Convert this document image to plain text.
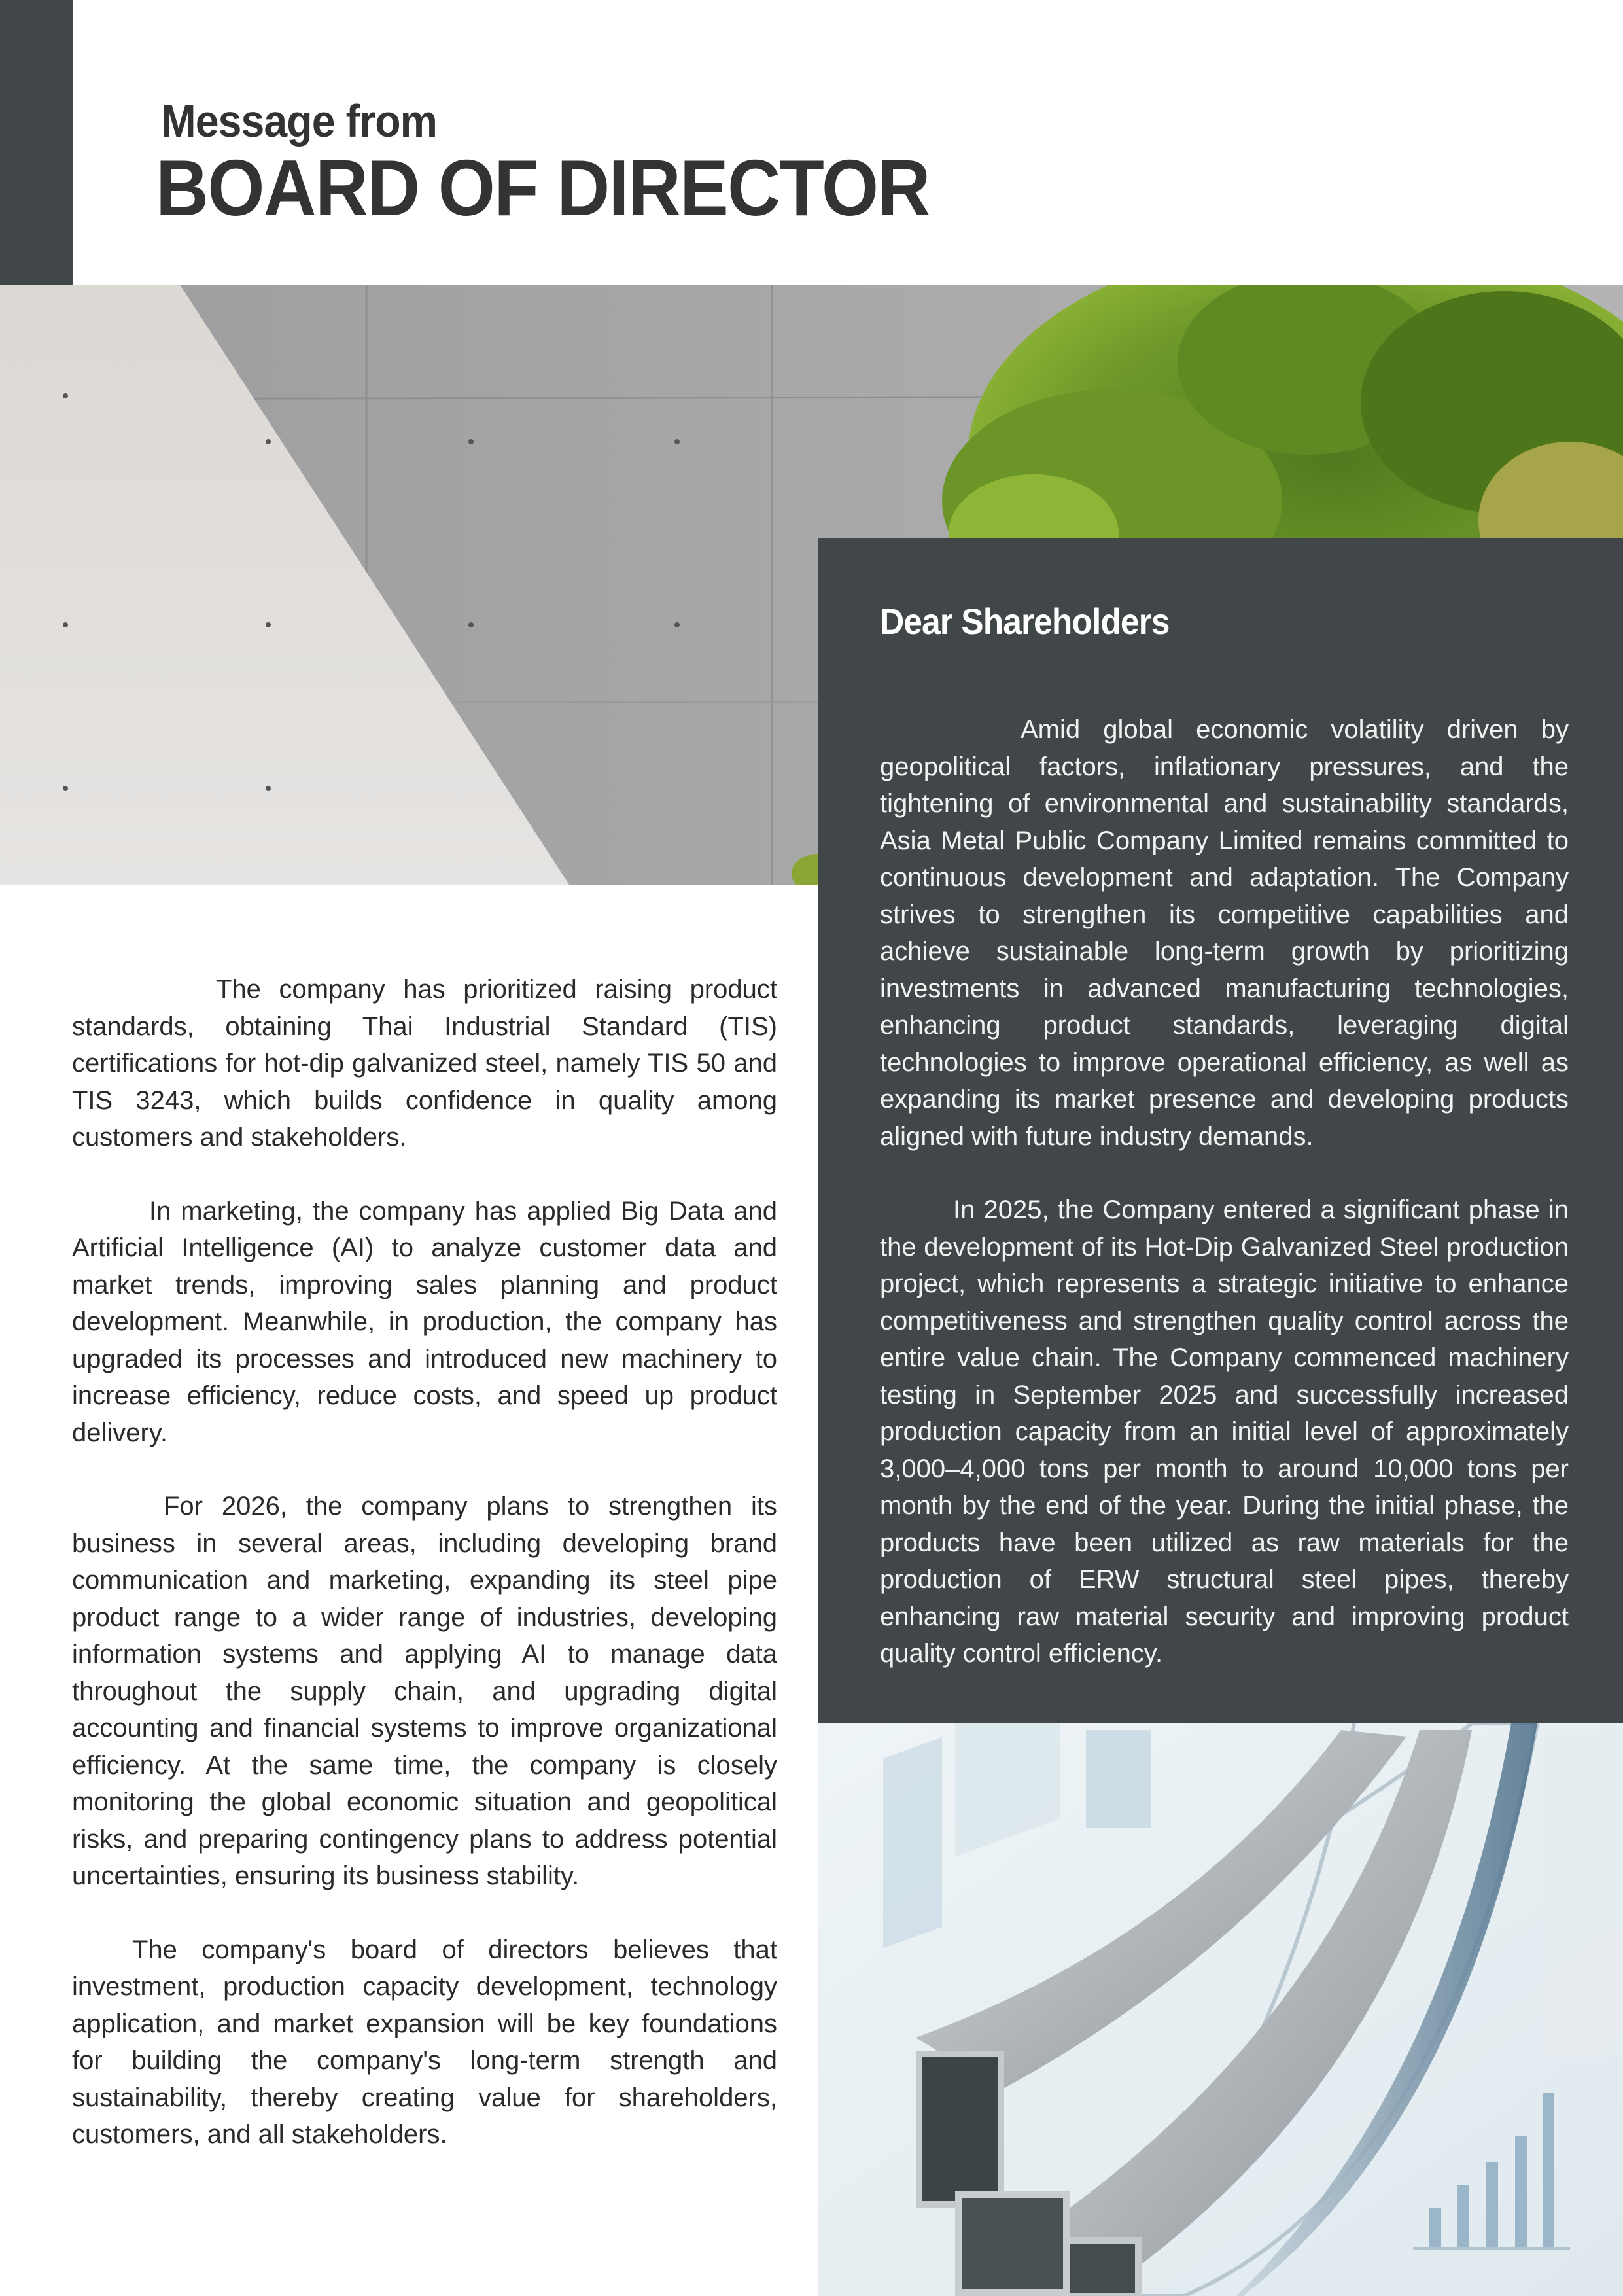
Message from
BOARD OF DIRECTOR
Dear Shareholders

Amid global economic volatility driven by geopolitical factors, inflationary pressures, and the tightening of environmental and sustainability standards, Asia Metal Public Company Limited remains committed to continuous development and adaptation. The Company strives to strengthen its competitive capabilities and achieve sustainable long-term growth by prioritizing investments in advanced manufacturing technologies, enhancing product standards, leveraging digital technologies to improve operational efficiency, as well as expanding its market presence and developing products aligned with future industry demands.

In 2025, the Company entered a significant phase in the development of its Hot-Dip Galvanized Steel production project, which represents a strategic initiative to enhance competitiveness and strengthen quality control across the entire value chain. The Company commenced machinery testing in September 2025 and successfully increased production capacity from an initial level of approximately 3,000–4,000 tons per month to around 10,000 tons per month by the end of the year. During the initial phase, the products have been utilized as raw materials for the production of ERW structural steel pipes, thereby enhancing raw material security and improving product quality control efficiency.

The company has prioritized raising product standards, obtaining Thai Industrial Standard (TIS) certifications for hot-dip galvanized steel, namely TIS 50 and TIS 3243, which builds confidence in quality among customers and stakeholders.

In marketing, the company has applied Big Data and Artificial Intelligence (AI) to analyze customer data and market trends, improving sales planning and product development. Meanwhile, in production, the company has upgraded its processes and introduced new machinery to increase efficiency, reduce costs, and speed up product delivery.

For 2026, the company plans to strengthen its business in several areas, including developing brand communication and marketing, expanding its steel pipe product range to a wider range of industries, developing information systems and applying AI to manage data throughout the supply chain, and upgrading digital accounting and financial systems to improve organizational efficiency. At the same time, the company is closely monitoring the global economic situation and geopolitical risks, and preparing contingency plans to address potential uncertainties, ensuring its business stability.

The company's board of directors believes that investment, production capacity development, technology application, and market expansion will be key foundations for building the company's long-term strength and sustainability, thereby creating value for shareholders, customers, and all stakeholders.
